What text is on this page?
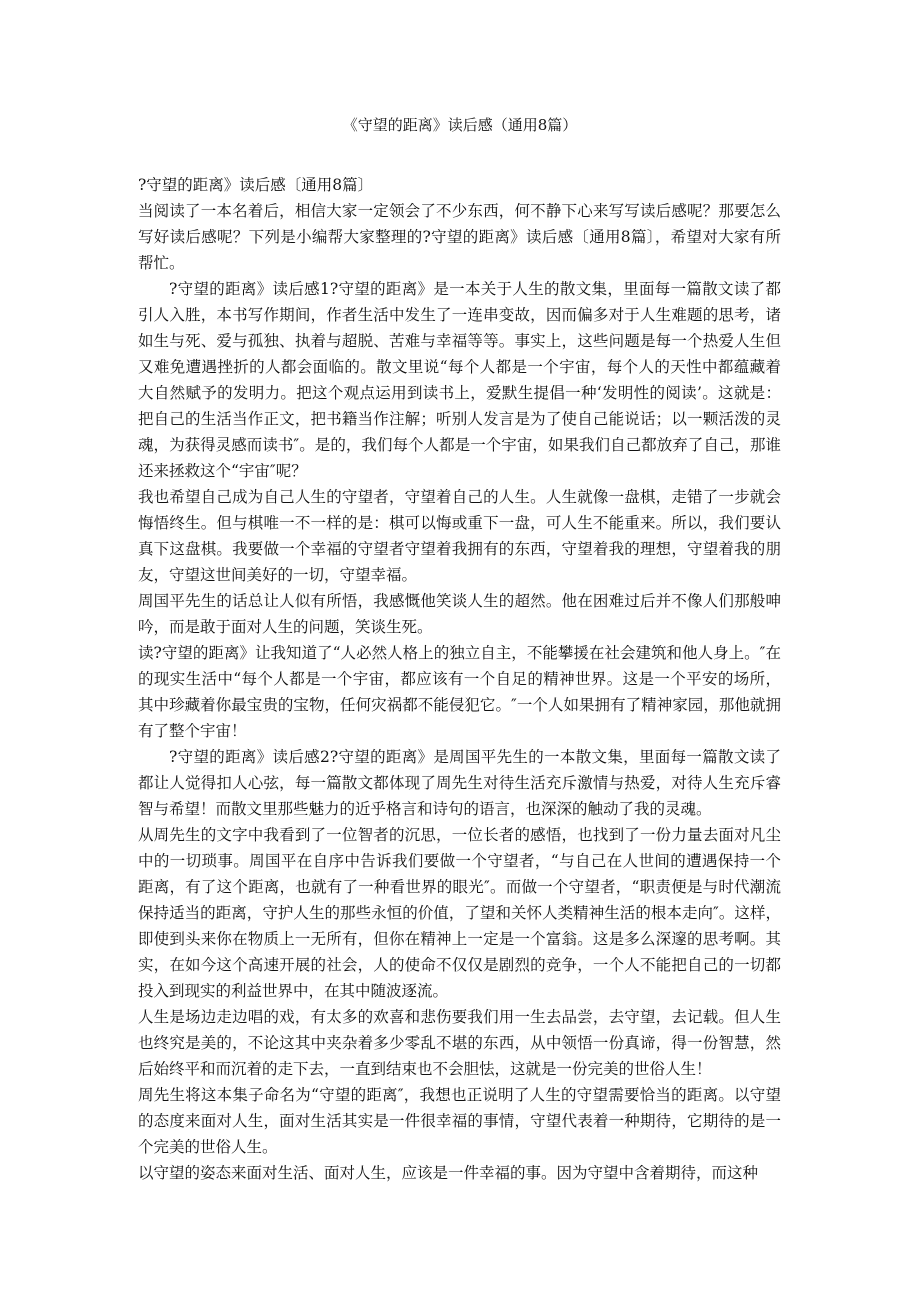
《守望的距离》读后感（通用8篇）

?守望的距离》读后感〔通用8篇〕

当阅读了一本名着后，相信大家一定领会了不少东西，何不静下心来写写读后感呢？那要怎么写好读后感呢？下列是小编帮大家整理的?守望的距离》读后感〔通用8篇〕，希望对大家有所帮忙。

?守望的距离》读后感1?守望的距离》是一本关于人生的散文集，里面每一篇散文读了都引人入胜，本书写作期间，作者生活中发生了一连串变故，因而偏多对于人生难题的思考，诸如生与死、爱与孤独、执着与超脱、苦难与幸福等等。事实上，这些问题是每一个热爱人生但又难免遭遇挫折的人都会面临的。散文里说“每个人都是一个宇宙，每个人的天性中都蕴藏着大自然赋予的发明力。把这个观点运用到读书上，爱默生提倡一种‘发明性的阅读’。这就是：把自己的生活当作正文，把书籍当作注解；听别人发言是为了使自己能说话；以一颗活泼的灵魂，为获得灵感而读书″。是的，我们每个人都是一个宇宙，如果我们自己都放弃了自己，那谁还来拯救这个“宇宙″呢？

我也希望自己成为自己人生的守望者，守望着自己的人生。人生就像一盘棋，走错了一步就会悔悟终生。但与棋唯一不一样的是：棋可以悔或重下一盘，可人生不能重来。所以，我们要认真下这盘棋。我要做一个幸福的守望者守望着我拥有的东西，守望着我的理想，守望着我的朋友，守望这世间美好的一切，守望幸福。

周国平先生的话总让人似有所悟，我感慨他笑谈人生的超然。他在困难过后并不像人们那般呻吟，而是敢于面对人生的问题，笑谈生死。

读?守望的距离》让我知道了“人必然人格上的独立自主，不能攀援在社会建筑和他人身上。″在的现实生活中“每个人都是一个宇宙，都应该有一个自足的精神世界。这是一个平安的场所，其中珍藏着你最宝贵的宝物，任何灾祸都不能侵犯它。″一个人如果拥有了精神家园，那他就拥有了整个宇宙！

?守望的距离》读后感2?守望的距离》是周国平先生的一本散文集，里面每一篇散文读了都让人觉得扣人心弦，每一篇散文都体现了周先生对待生活充斥激情与热爱，对待人生充斥睿智与希望！而散文里那些魅力的近乎格言和诗句的语言，也深深的触动了我的灵魂。

从周先生的文字中我看到了一位智者的沉思，一位长者的感悟，也找到了一份力量去面对凡尘中的一切琐事。周国平在自序中告诉我们要做一个守望者，“与自己在人世间的遭遇保持一个距离，有了这个距离，也就有了一种看世界的眼光″。而做一个守望者，“职责便是与时代潮流保持适当的距离，守护人生的那些永恒的价值，了望和关怀人类精神生活的根本走向″。这样，即使到头来你在物质上一无所有，但你在精神上一定是一个富翁。这是多么深邃的思考啊。其实，在如今这个高速开展的社会，人的使命不仅仅是剧烈的竞争，一个人不能把自己的一切都投入到现实的利益世界中，在其中随波逐流。

人生是场边走边唱的戏，有太多的欢喜和悲伤要我们用一生去品尝，去守望，去记载。但人生也终究是美的，不论这其中夹杂着多少零乱不堪的东西，从中领悟一份真谛，得一份智慧，然后始终平和而沉着的走下去，一直到结束也不会胆怯，这就是一份完美的世俗人生！

周先生将这本集子命名为“守望的距离″，我想也正说明了人生的守望需要恰当的距离。以守望的态度来面对人生，面对生活其实是一件很幸福的事情，守望代表着一种期待，它期待的是一个完美的世俗人生。

以守望的姿态来面对生活、面对人生，应该是一件幸福的事。因为守望中含着期待，而这种
